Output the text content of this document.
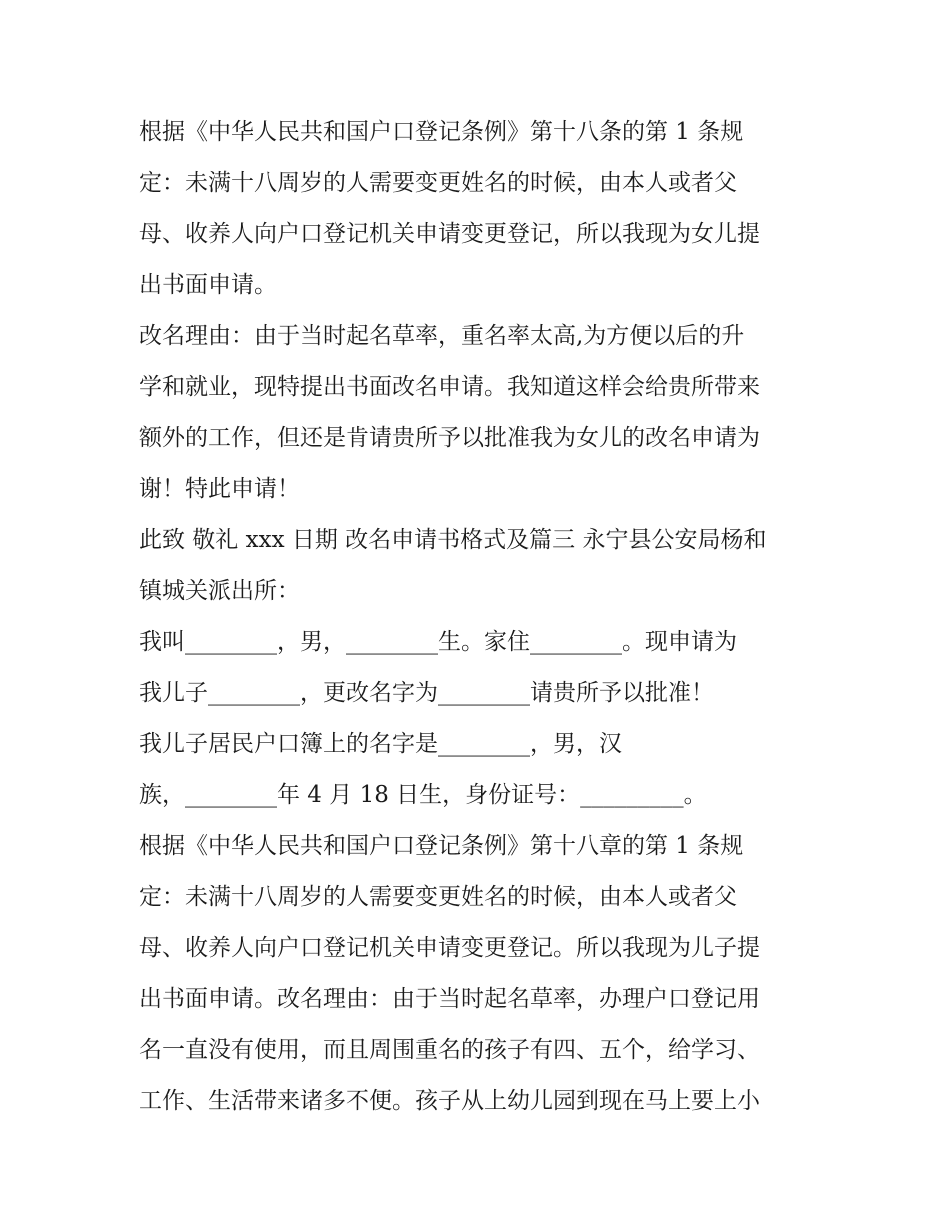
根据《中华人民共和国户口登记条例》第十八条的第 1 条规
定：未满十八周岁的人需要变更姓名的时候，由本人或者父
母、收养人向户口登记机关申请变更登记，所以我现为女儿提
出书面申请。
改名理由：由于当时起名草率，重名率太高,为方便以后的升
学和就业，现特提出书面改名申请。我知道这样会给贵所带来
额外的工作，但还是肯请贵所予以批准我为女儿的改名申请为
谢！特此申请！
此致 敬礼 xxx 日期 改名申请书格式及篇三 永宁县公安局杨和
镇城关派出所：
我叫________，男，________生。家住________。现申请为
我儿子________，更改名字为________请贵所予以批准！
我儿子居民户口簿上的名字是________，男，汉
族，________年 4 月 18 日生，身份证号：_________。
根据《中华人民共和国户口登记条例》第十八章的第 1 条规
定：未满十八周岁的人需要变更姓名的时候，由本人或者父
母、收养人向户口登记机关申请变更登记。所以我现为儿子提
出书面申请。改名理由：由于当时起名草率，办理户口登记用
名一直没有使用，而且周围重名的孩子有四、五个，给学习、
工作、生活带来诸多不便。孩子从上幼儿园到现在马上要上小
